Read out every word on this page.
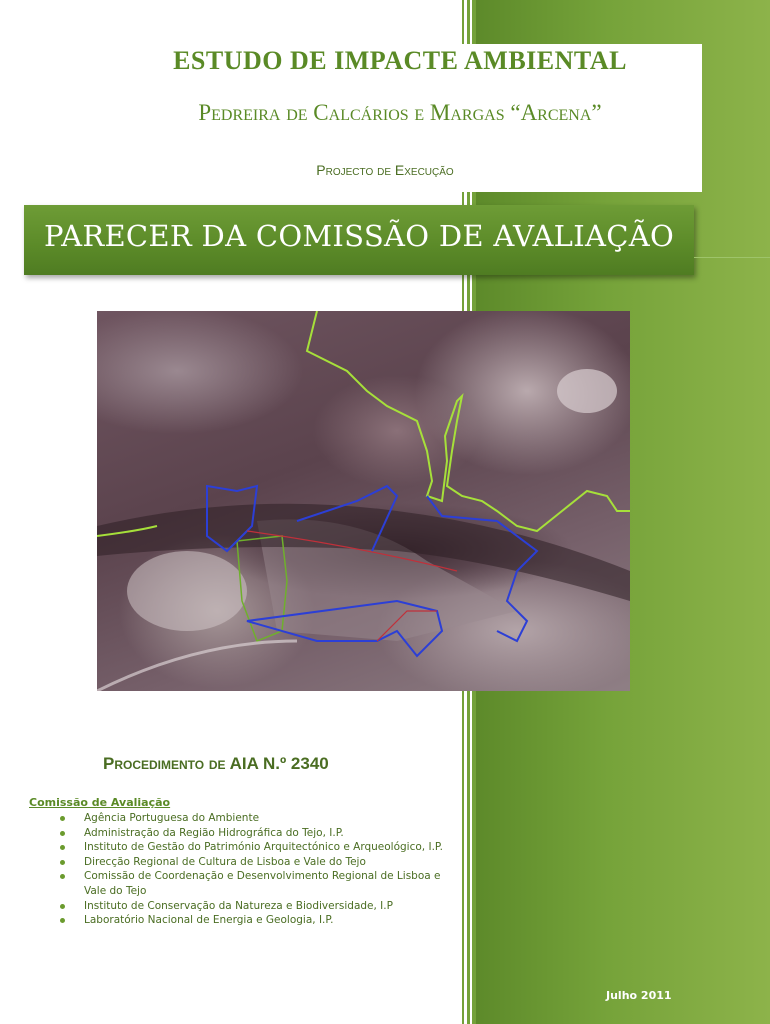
ESTUDO DE IMPACTE AMBIENTAL
Pedreira de Calcários e Margas “Arcena”
Projecto de Execução
PARECER DA COMISSÃO DE AVALIAÇÃO
Procedimento de AIA N.º 2340
Comissão de Avaliação
Agência Portuguesa do Ambiente
Administração da Região Hidrográfica do Tejo, I.P.
Instituto de Gestão do Património Arquitectónico e Arqueológico, I.P.
Direcção Regional de Cultura de Lisboa e Vale do Tejo
Comissão de Coordenação e Desenvolvimento Regional de Lisboa e Vale do Tejo
Instituto de Conservação da Natureza e Biodiversidade, I.P
Laboratório Nacional de Energia e Geologia, I.P.
Julho 2011
